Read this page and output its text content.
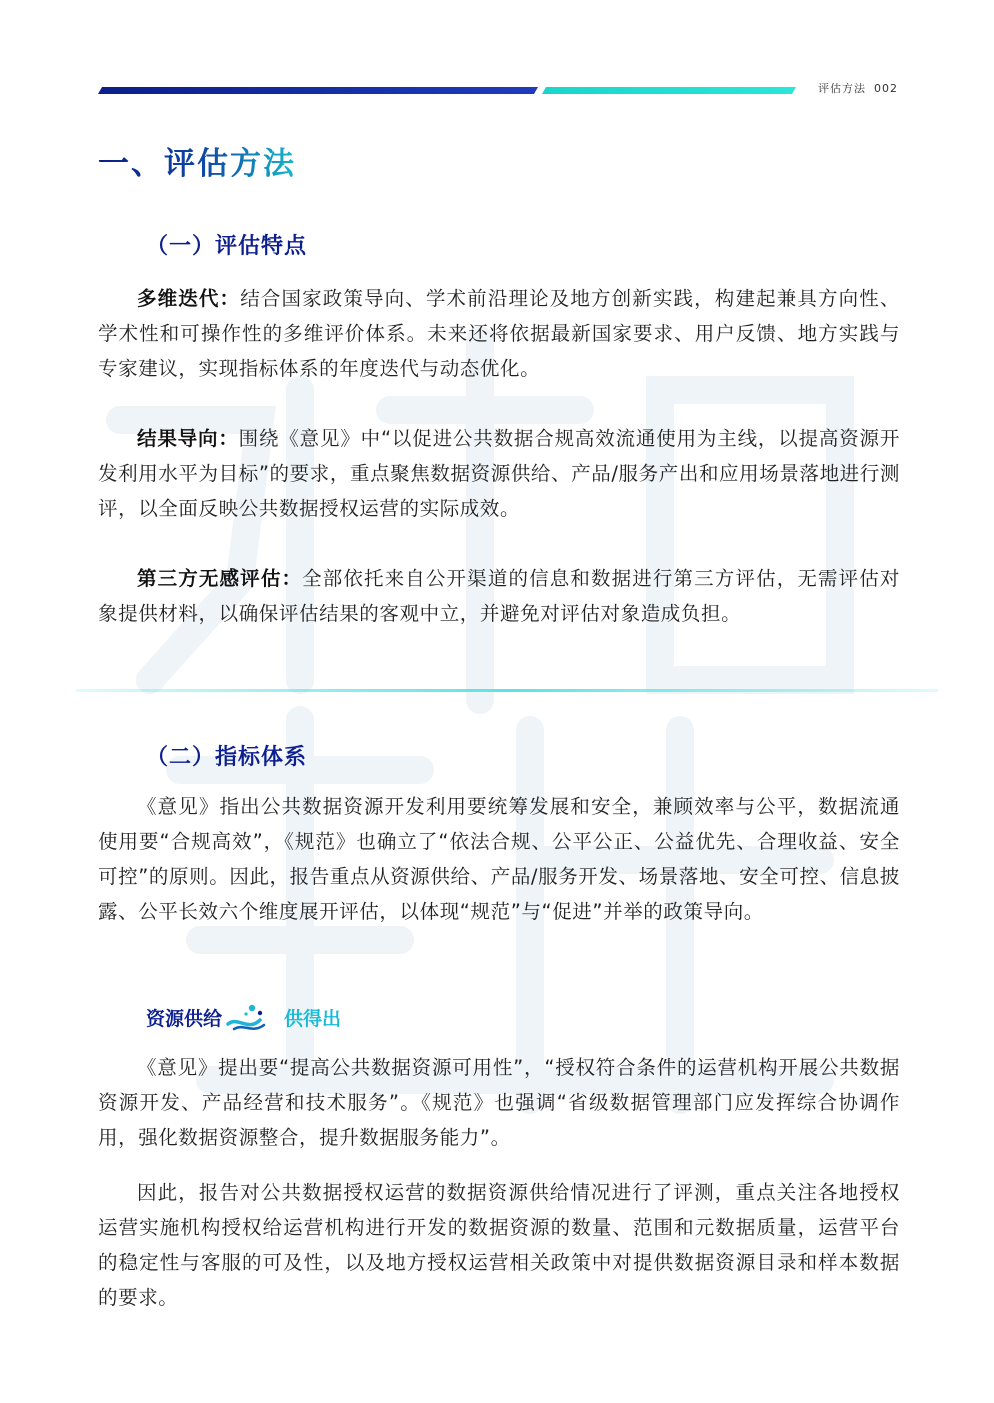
评估方法 002
一、评估方法
（一）评估特点

多维迭代：结合国家政策导向、学术前沿理论及地方创新实践，构建起兼具方向性、学术性和可操作性的多维评价体系。未来还将依据最新国家要求、用户反馈、地方实践与专家建议，实现指标体系的年度迭代与动态优化。

结果导向：围绕《意见》中“以促进公共数据合规高效流通使用为主线，以提高资源开发利用水平为目标”的要求，重点聚焦数据资源供给、产品/服务产出和应用场景落地进行测评，以全面反映公共数据授权运营的实际成效。

第三方无感评估：全部依托来自公开渠道的信息和数据进行第三方评估，无需评估对象提供材料，以确保评估结果的客观中立，并避免对评估对象造成负担。

（二）指标体系

《意见》指出公共数据资源开发利用要统筹发展和安全，兼顾效率与公平，数据流通使用要“合规高效”，《规范》也确立了“依法合规、公平公正、公益优先、合理收益、安全可控”的原则。因此，报告重点从资源供给、产品/服务开发、场景落地、安全可控、信息披露、公平长效六个维度展开评估，以体现“规范”与“促进”并举的政策导向。

资源供给	供得出

《意见》提出要“提高公共数据资源可用性”，“授权符合条件的运营机构开展公共数据资源开发、产品经营和技术服务”。《规范》也强调“省级数据管理部门应发挥综合协调作用，强化数据资源整合，提升数据服务能力”。

因此，报告对公共数据授权运营的数据资源供给情况进行了评测，重点关注各地授权运营实施机构授权给运营机构进行开发的数据资源的数量、范围和元数据质量，运营平台的稳定性与客服的可及性，以及地方授权运营相关政策中对提供数据资源目录和样本数据的要求。
